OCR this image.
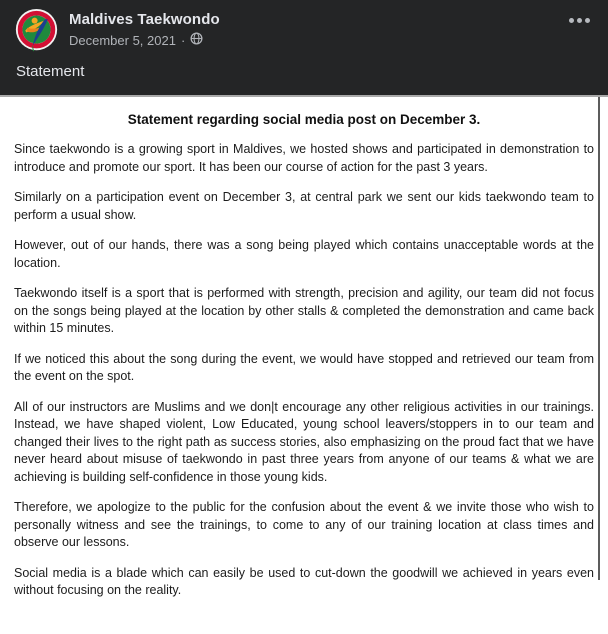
Maldives Taekwondo
December 5, 2021 ·
Statement
Statement regarding social media post on December 3.

Since taekwondo is a growing sport in Maldives, we hosted shows and participated in demonstration to introduce and promote our sport. It has been our course of action for the past 3 years.

Similarly on a participation event on December 3, at central park we sent our kids taekwondo team to perform a usual show.

However, out of our hands, there was a song being played which contains unacceptable words at the location.

Taekwondo itself is a sport that is performed with strength, precision and agility, our team did not focus on the songs being played at the location by other stalls & completed the demonstration and came back within 15 minutes.

If we noticed this about the song during the event, we would have stopped and retrieved our team from the event on the spot.

All of our instructors are Muslims and we don|t encourage any other religious activities in our trainings. Instead, we have shaped violent, Low Educated, young school leavers/stoppers in to our team and changed their lives to the right path as success stories, also emphasizing on the proud fact that we have never heard about misuse of taekwondo in past three years from anyone of our teams & what we are achieving is building self-confidence in those young kids.

Therefore, we apologize to the public for the confusion about the event & we invite those who wish to personally witness and see the trainings, to come to any of our training location at class times and observe our lessons.

Social media is a blade which can easily be used to cut-down the goodwill we achieved in years even without focusing on the reality.
